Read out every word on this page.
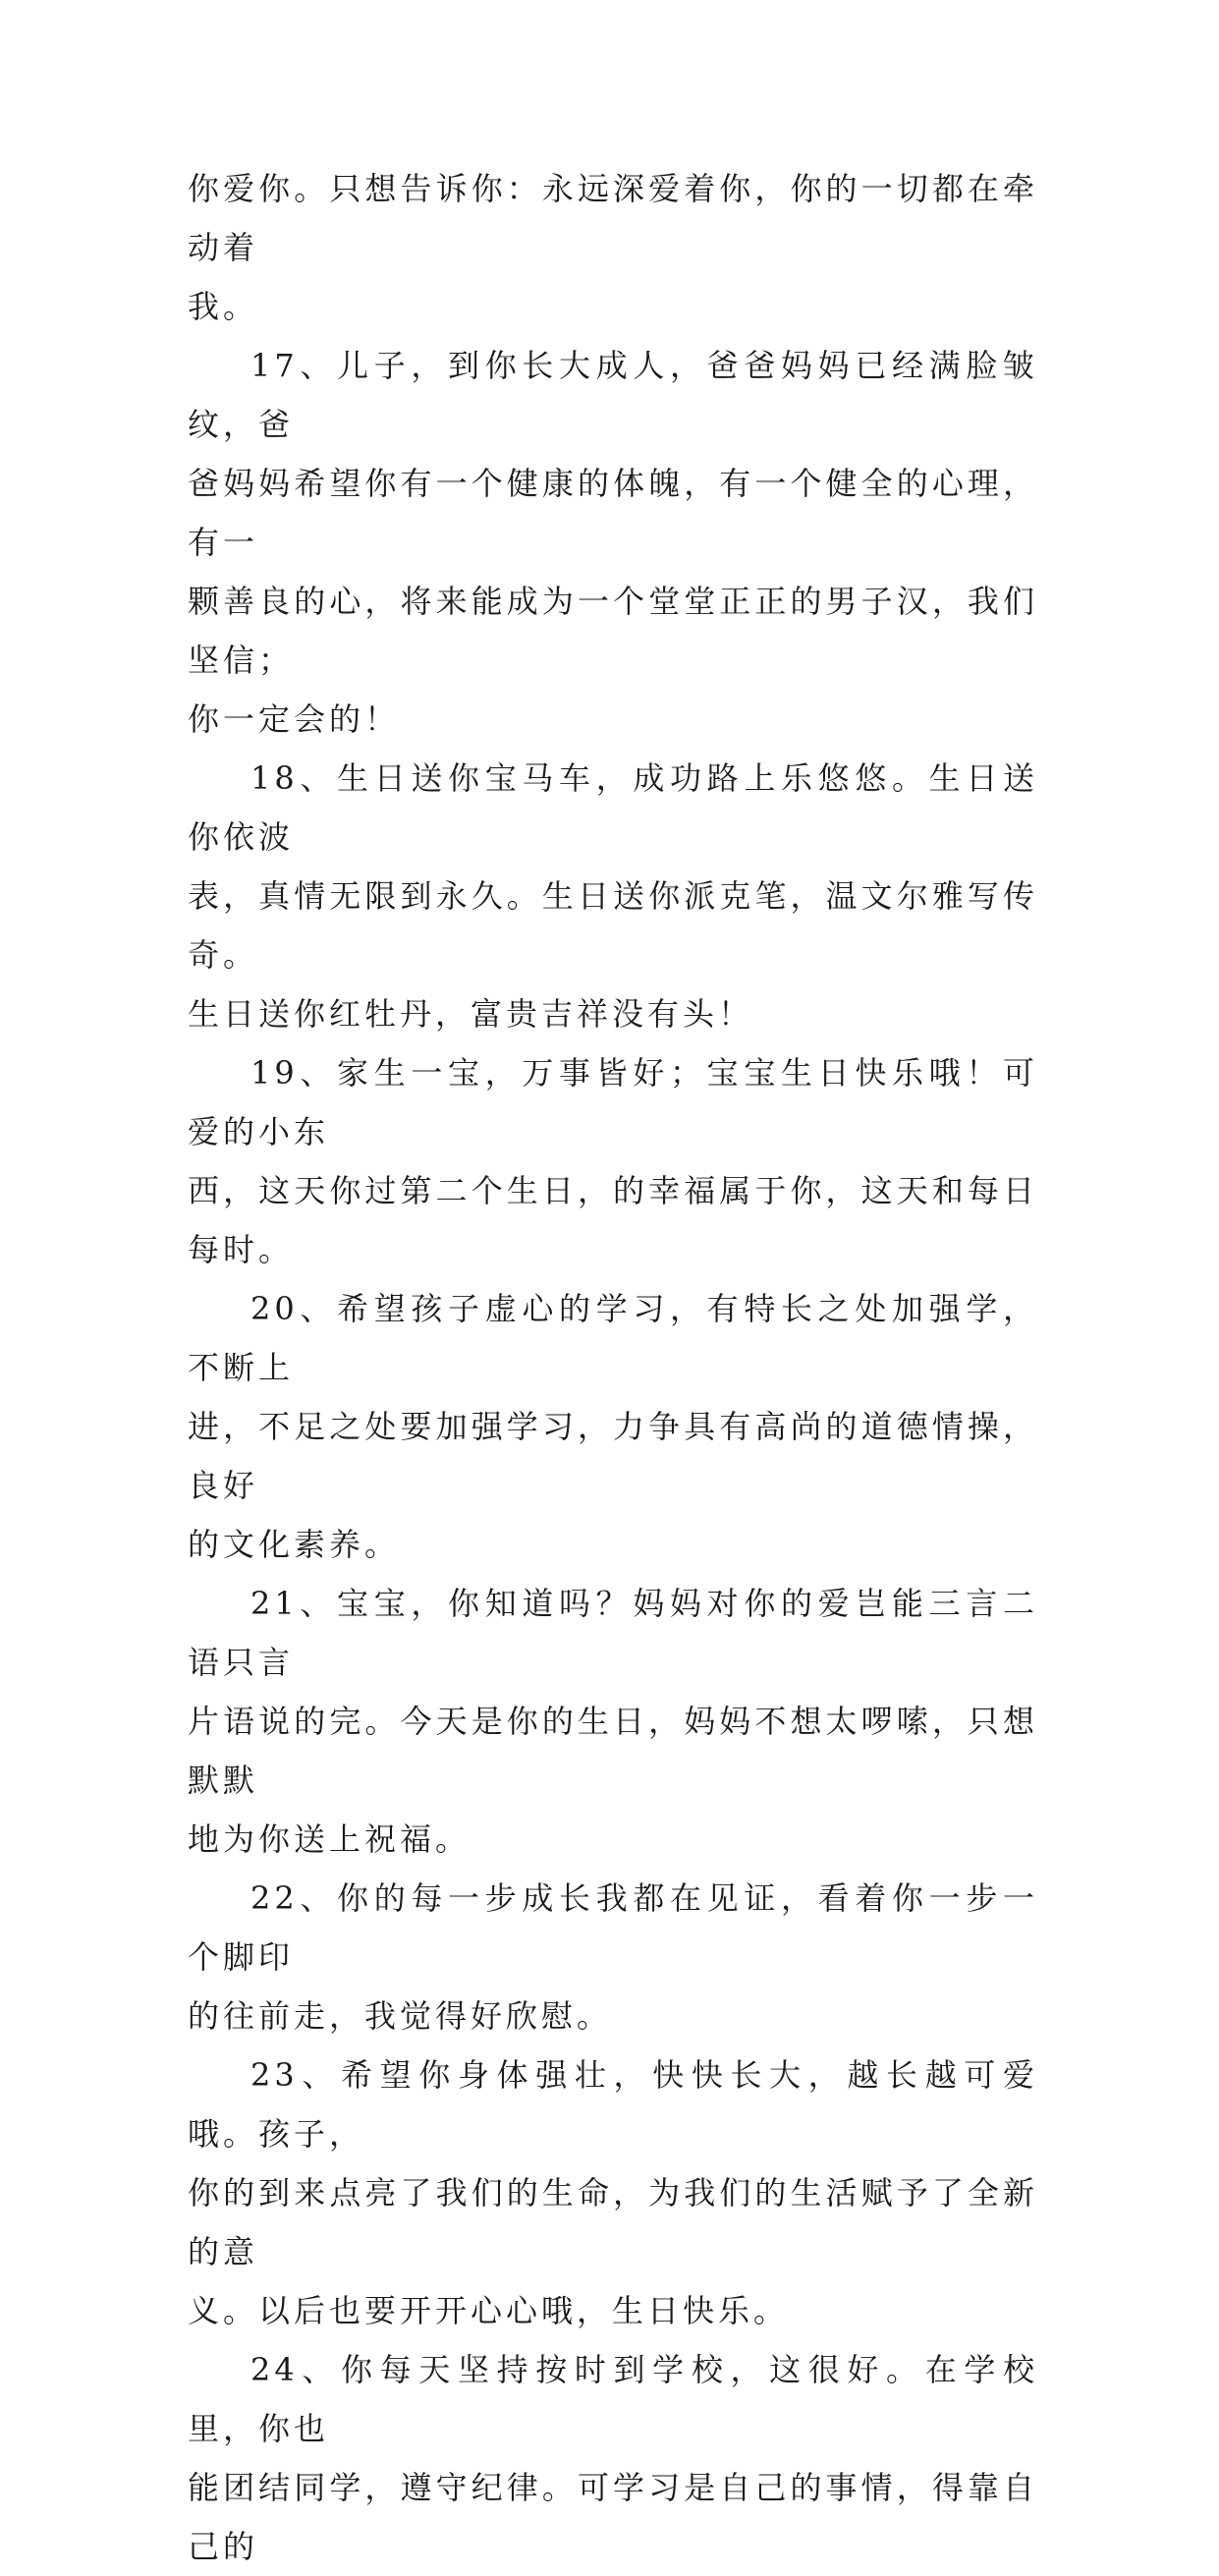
你爱你。只想告诉你：永远深爱着你，你的一切都在牵动着
我。

17、儿子，到你长大成人，爸爸妈妈已经满脸皱纹，爸
爸妈妈希望你有一个健康的体魄，有一个健全的心理，有一
颗善良的心，将来能成为一个堂堂正正的男子汉，我们坚信；
你一定会的！

18、生日送你宝马车，成功路上乐悠悠。生日送你依波
表，真情无限到永久。生日送你派克笔，温文尔雅写传奇。
生日送你红牡丹，富贵吉祥没有头！

19、家生一宝，万事皆好；宝宝生日快乐哦！可爱的小东
西，这天你过第二个生日，的幸福属于你，这天和每日每时。

20、希望孩子虚心的学习，有特长之处加强学，不断上
进，不足之处要加强学习，力争具有高尚的道德情操，良好
的文化素养。

21、宝宝，你知道吗？妈妈对你的爱岂能三言二语只言
片语说的完。今天是你的生日，妈妈不想太啰嗦，只想默默
地为你送上祝福。

22、你的每一步成长我都在见证，看着你一步一个脚印
的往前走，我觉得好欣慰。

23、希望你身体强壮，快快长大，越长越可爱哦。孩子，
你的到来点亮了我们的生命，为我们的生活赋予了全新的意
义。以后也要开开心心哦，生日快乐。

24、你每天坚持按时到学校，这很好。在学校里，你也
能团结同学，遵守纪律。可学习是自己的事情，得靠自己的
